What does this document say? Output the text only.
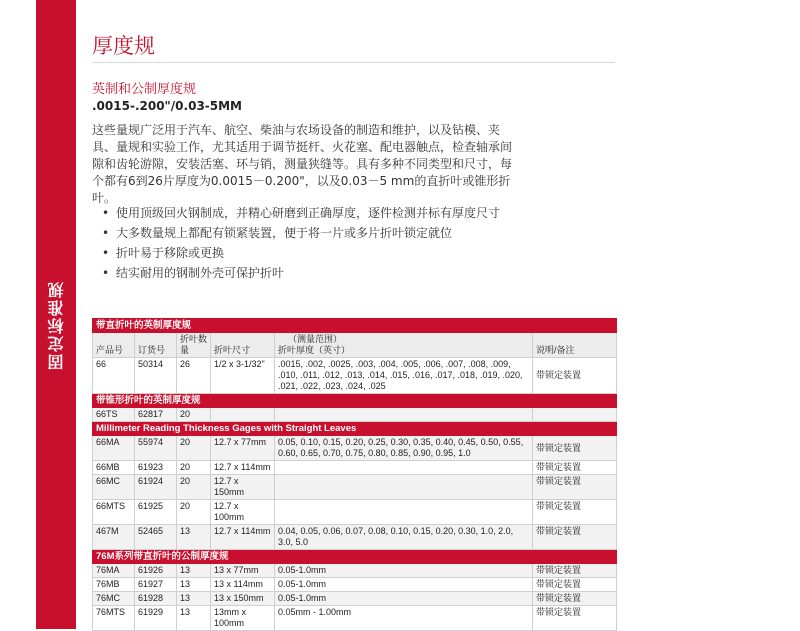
固定标准规
厚度规
英制和公制厚度规
.0015-.200"/0.03-5MM
这些量规广泛用于汽车、航空、柴油与农场设备的制造和维护，以及钻模、夹具、量规和实验工作，尤其适用于调节挺杆、火花塞、配电器触点，检查轴承间隙和齿轮游隙，安装活塞、环与销，测量狭缝等。具有多种不同类型和尺寸，每个都有6到26片厚度为0.0015－0.200"，以及0.03－5 mm的直折叶或锥形折叶。
• 使用顶级回火钢制成，并精心研磨到正确厚度，逐件检测并标有厚度尺寸
• 大多数量规上都配有锁紧装置，便于将一片或多片折叶锁定就位
• 折叶易于移除或更换
• 结实耐用的钢制外壳可保护折叶
带直折叶的英制厚度规					
产品号	订货号	折叶数量	折叶尺寸	（测量范围）
折叶厚度（英寸）	说明/备注
66	50314	26	1/2 x 3-1/32"	.0015, .002, .0025, .003, .004, .005, .006, .007, .008, .009, .010, .011, .012, .013, .014, .015, .016, .017, .018, .019, .020, .021, .022, .023, .024, .025	带锁定装置
带锥形折叶的英制厚度规					
66TS	62817	20			
Millimeter Reading Thickness Gages with Straight Leaves					
66MA	55974	20	12.7 x 77mm	0.05, 0.10, 0.15, 0.20, 0.25, 0.30, 0.35, 0.40, 0.45, 0.50, 0.55, 0.60, 0.65, 0.70, 0.75, 0.80, 0.85, 0.90, 0.95, 1.0	带锁定装置
66MB	61923	20	12.7 x 114mm		带锁定装置
66MC	61924	20	12.7 x 150mm		带锁定装置
66MTS	61925	20	12.7 x 100mm		带锁定装置
467M	52465	13	12.7 x 114mm	0.04, 0.05, 0.06, 0.07, 0.08, 0.10, 0.15, 0.20, 0.30, 1.0, 2.0, 3.0, 5.0	带锁定装置
76M系列带直折叶的公制厚度规					
76MA	61926	13	13 x 77mm	0.05-1.0mm	带锁定装置
76MB	61927	13	13 x 114mm	0.05-1.0mm	带锁定装置
76MC	61928	13	13 x 150mm	0.05-1.0mm	带锁定装置
76MTS	61929	13	13mm x 100mm	0.05mm - 1.00mm	带锁定装置
